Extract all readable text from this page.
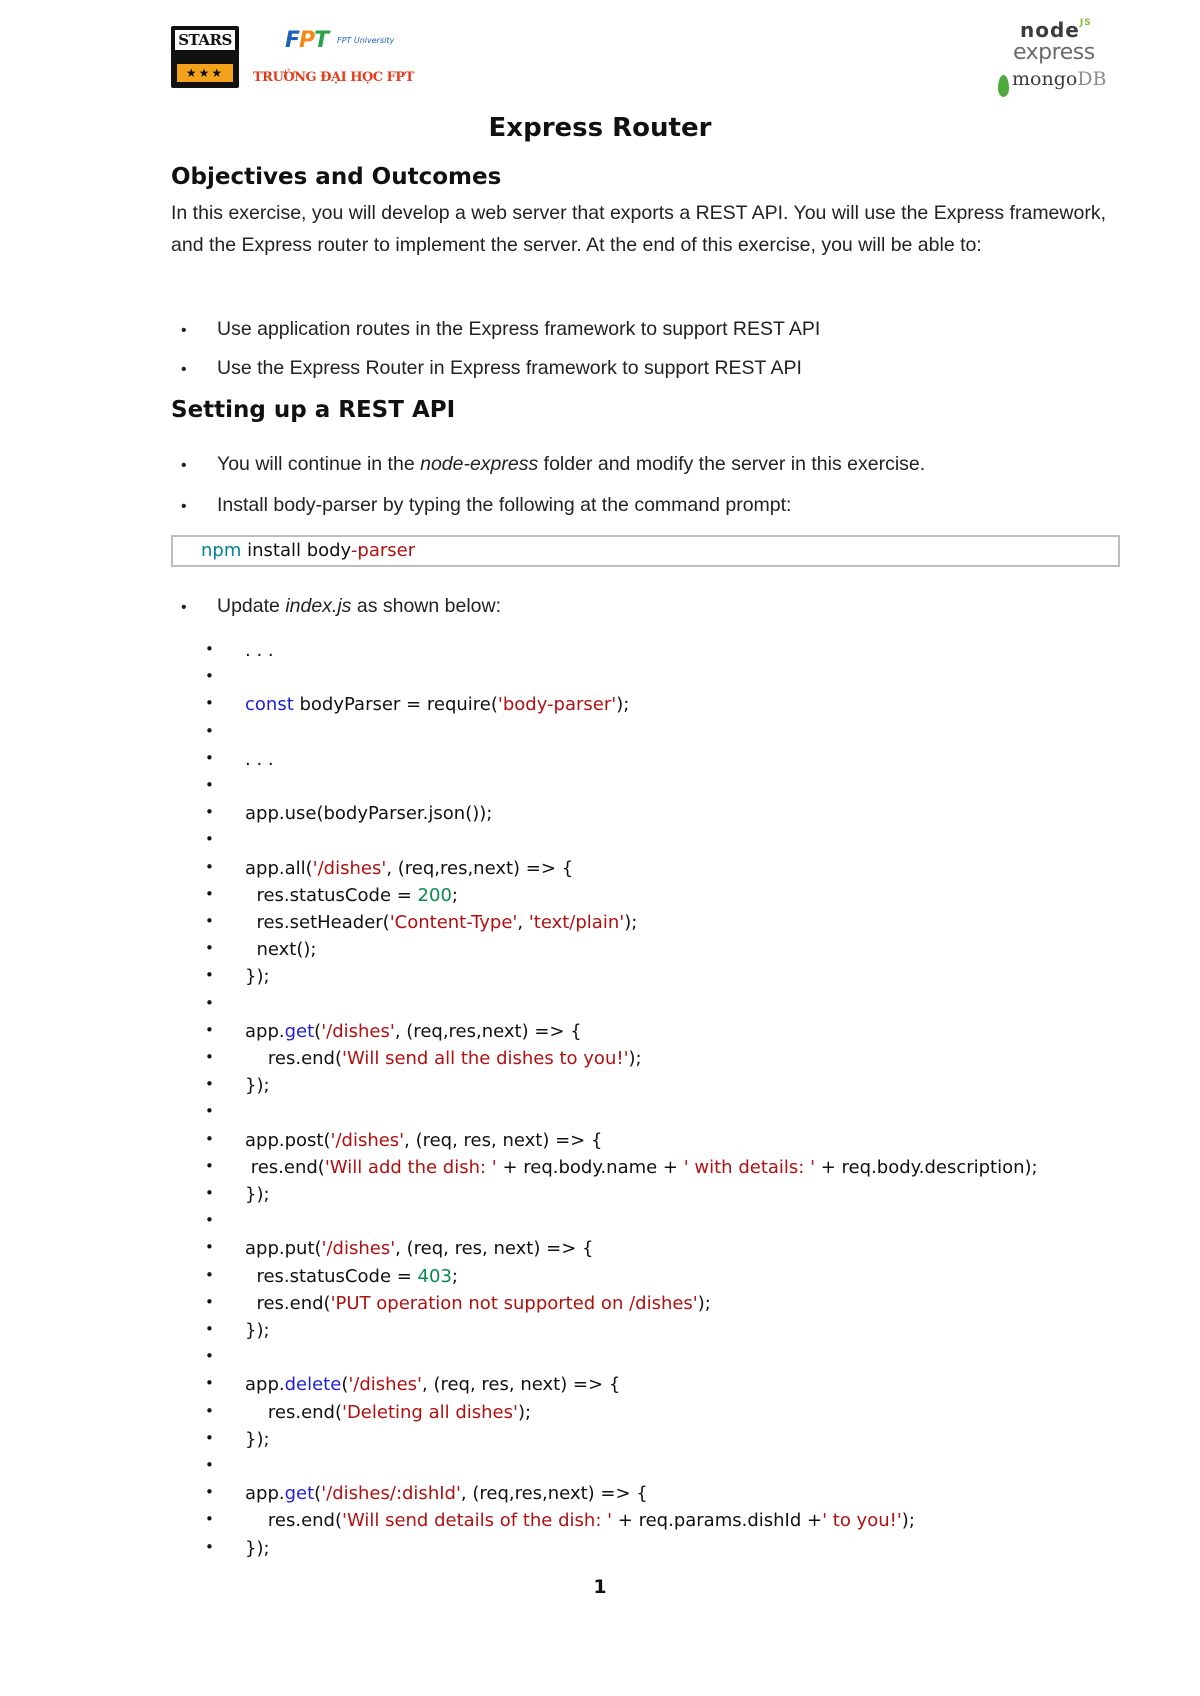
STARS
★★★
FPT FPT University
TRƯỜNG ĐẠI HỌC FPT
node$^{JS}$
express
mongoDB
Express Router
Objectives and Outcomes
In this exercise, you will develop a web server that exports a REST API. You will use the Express framework, and the Express router to implement the server. At the end of this exercise, you will be able to:
• Use application routes in the Express framework to support REST API
• Use the Express Router in Express framework to support REST API
Setting up a REST API
• You will continue in the node-express folder and modify the server in this exercise.
• Install body-parser by typing the following at the command prompt:
npm install body-parser
• Update index.js as shown below:
• . . .
•
• const bodyParser = require('body-parser');
•
• . . .
•
• app.use(bodyParser.json());
•
• app.all('/dishes', (req,res,next) => {
• res.statusCode = 200;
• res.setHeader('Content-Type', 'text/plain');
• next();
• });
•
• app.get('/dishes', (req,res,next) => {
• res.end('Will send all the dishes to you!');
• });
•
• app.post('/dishes', (req, res, next) => {
• res.end('Will add the dish: ' + req.body.name + ' with details: ' + req.body.description);
• });
•
• app.put('/dishes', (req, res, next) => {
• res.statusCode = 403;
• res.end('PUT operation not supported on /dishes');
• });
•
• app.delete('/dishes', (req, res, next) => {
• res.end('Deleting all dishes');
• });
•
• app.get('/dishes/:dishId', (req,res,next) => {
• res.end('Will send details of the dish: ' + req.params.dishId +' to you!');
• });
1
